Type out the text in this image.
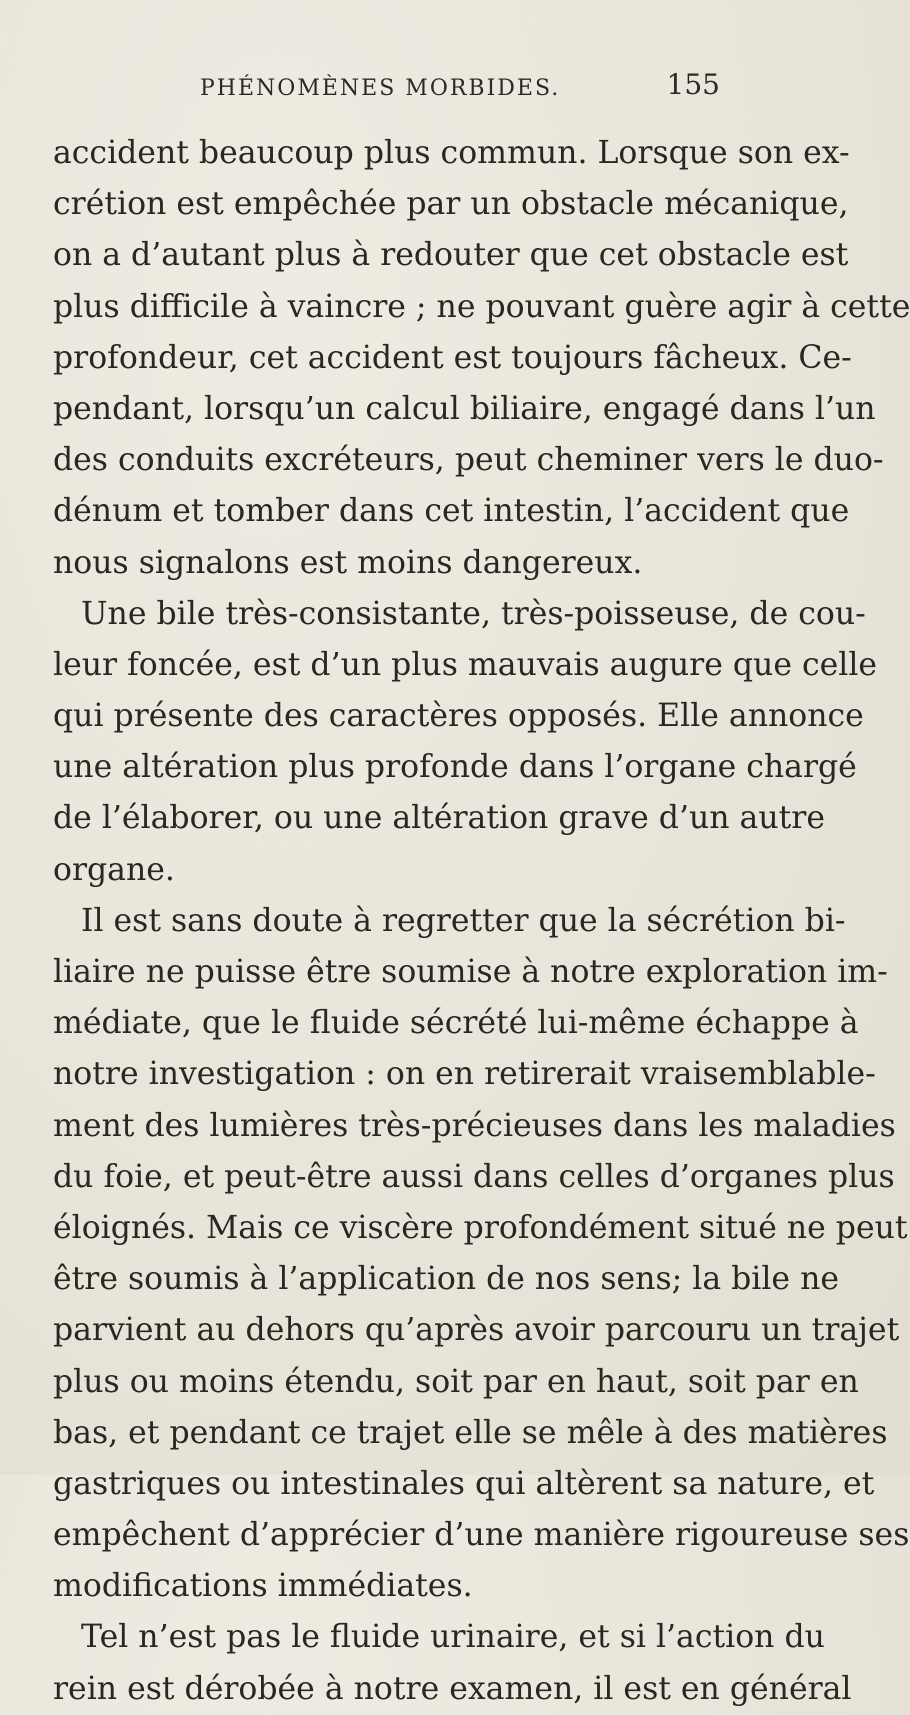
PHÉNOMÈNES MORBIDES.	155
accident beaucoup plus commun. Lorsque son ex-
crétion est empêchée par un obstacle mécanique,
on a d’autant plus à redouter que cet obstacle est
plus difficile à vaincre ; ne pouvant guère agir à cette
profondeur, cet accident est toujours fâcheux. Ce-
pendant, lorsqu’un calcul biliaire, engagé dans l’un
des conduits excréteurs, peut cheminer vers le duo-
dénum et tomber dans cet intestin, l’accident que
nous signalons est moins dangereux.
Une bile très-consistante, très-poisseuse, de cou-
leur foncée, est d’un plus mauvais augure que celle
qui présente des caractères opposés. Elle annonce
une altération plus profonde dans l’organe chargé
de l’élaborer, ou une altération grave d’un autre
organe.
Il est sans doute à regretter que la sécrétion bi-
liaire ne puisse être soumise à notre exploration im-
médiate, que le fluide sécrété lui-même échappe à
notre investigation : on en retirerait vraisemblable-
ment des lumières très-précieuses dans les maladies
du foie, et peut-être aussi dans celles d’organes plus
éloignés. Mais ce viscère profondément situé ne peut
être soumis à l’application de nos sens; la bile ne
parvient au dehors qu’après avoir parcouru un trajet
plus ou moins étendu, soit par en haut, soit par en
bas, et pendant ce trajet elle se mêle à des matières
gastriques ou intestinales qui altèrent sa nature, et
empêchent d’apprécier d’une manière rigoureuse ses
modifications immédiates.
Tel n’est pas le fluide urinaire, et si l’action du
rein est dérobée à notre examen, il est en général
